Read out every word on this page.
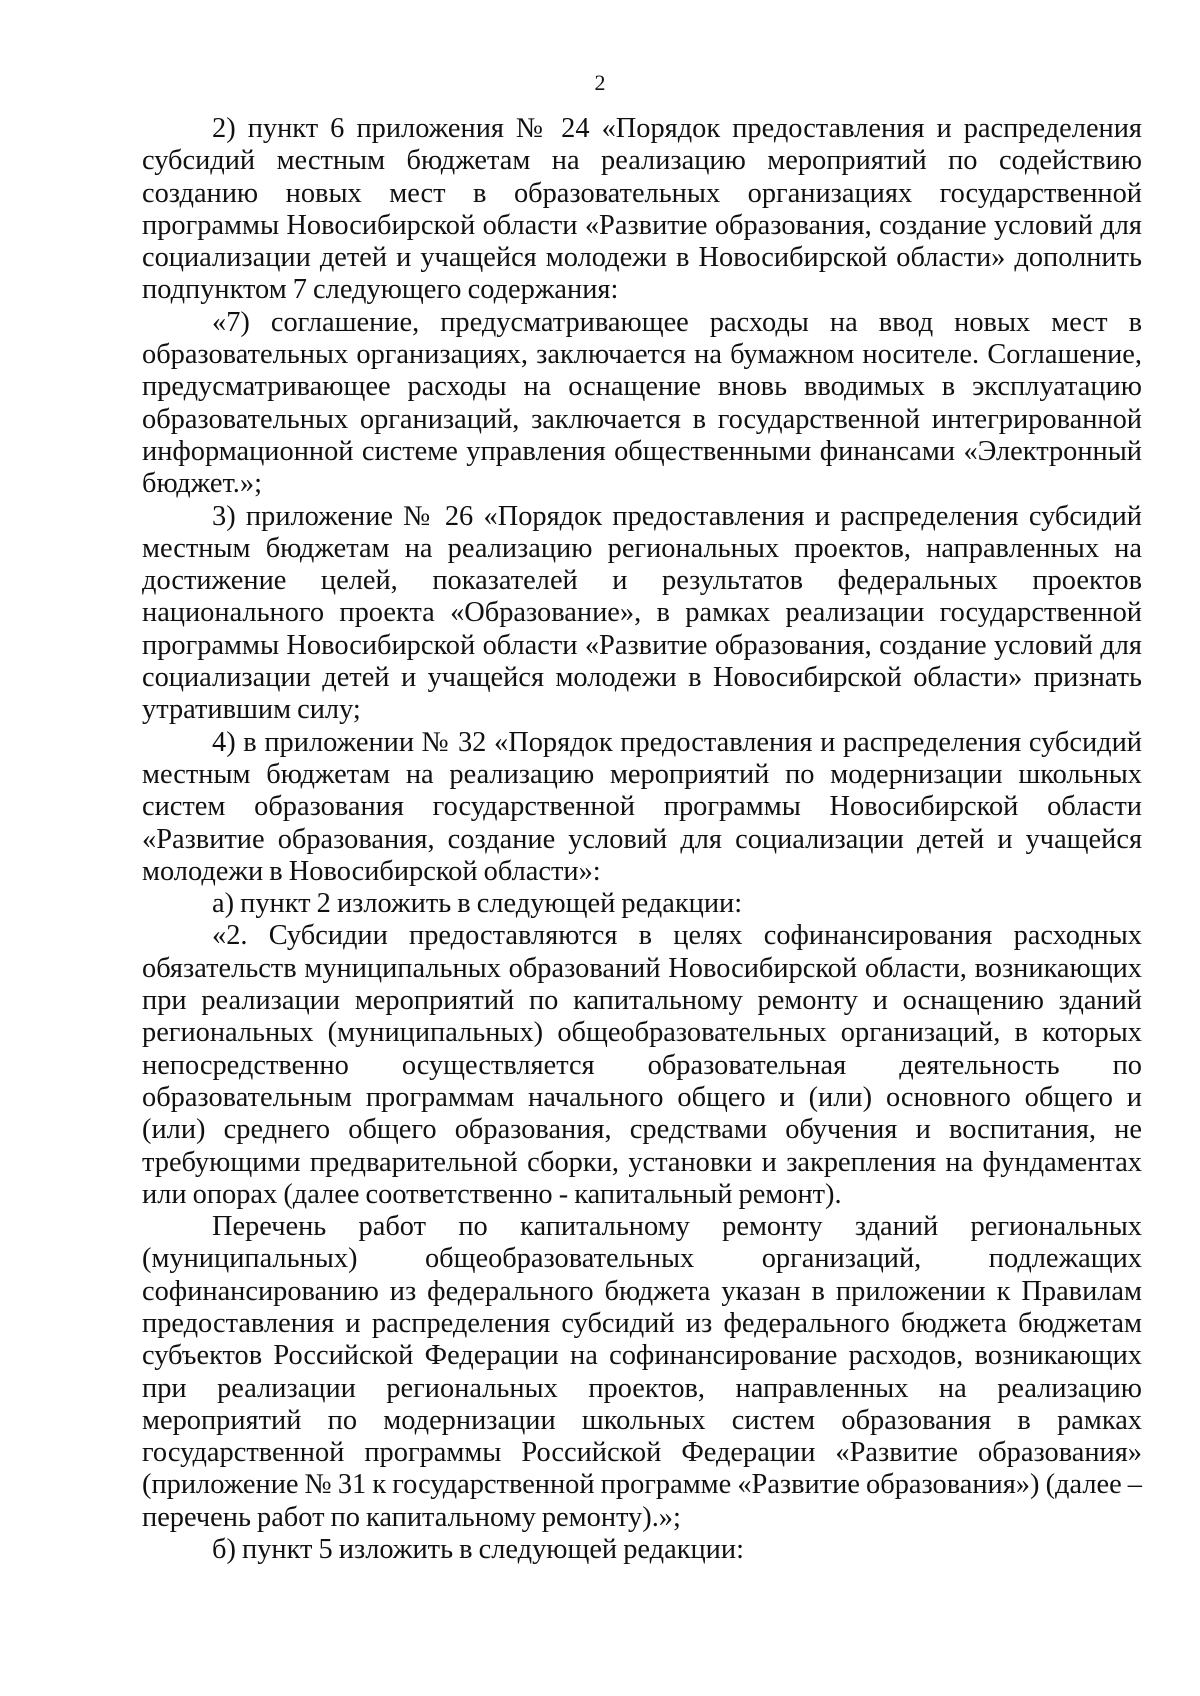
2

2) пункт 6 приложения № 24 «Порядок предоставления и распределения субсидий местным бюджетам на реализацию мероприятий по содействию созданию новых мест в образовательных организациях государственной программы Новосибирской области «Развитие образования, создание условий для социализации детей и учащейся молодежи в Новосибирской области» дополнить подпунктом 7 следующего содержания:

«7) соглашение, предусматривающее расходы на ввод новых мест в образовательных организациях, заключается на бумажном носителе. Соглашение, предусматривающее расходы на оснащение вновь вводимых в эксплуатацию образовательных организаций, заключается в государственной интегрированной информационной системе управления общественными финансами «Электронный бюджет.»;

3) приложение № 26 «Порядок предоставления и распределения субсидий местным бюджетам на реализацию региональных проектов, направленных на достижение целей, показателей и результатов федеральных проектов национального проекта «Образование», в рамках реализации государственной программы Новосибирской области «Развитие образования, создание условий для социализации детей и учащейся молодежи в Новосибирской области» признать утратившим силу;

4) в приложении № 32 «Порядок предоставления и распределения субсидий местным бюджетам на реализацию мероприятий по модернизации школьных систем образования государственной программы Новосибирской области «Развитие образования, создание условий для социализации детей и учащейся молодежи в Новосибирской области»:

а) пункт 2 изложить в следующей редакции:

«2. Субсидии предоставляются в целях софинансирования расходных обязательств муниципальных образований Новосибирской области, возникающих при реализации мероприятий по капитальному ремонту и оснащению зданий региональных (муниципальных) общеобразовательных организаций, в которых непосредственно осуществляется образовательная деятельность по образовательным программам начального общего и (или) основного общего и (или) среднего общего образования, средствами обучения и воспитания, не требующими предварительной сборки, установки и закрепления на фундаментах или опорах (далее соответственно - капитальный ремонт).

Перечень работ по капитальному ремонту зданий региональных (муниципальных) общеобразовательных организаций, подлежащих софинансированию из федерального бюджета указан в приложении к Правилам предоставления и распределения субсидий из федерального бюджета бюджетам субъектов Российской Федерации на софинансирование расходов, возникающих при реализации региональных проектов, направленных на реализацию мероприятий по модернизации школьных систем образования в рамках государственной программы Российской Федерации «Развитие образования» (приложение № 31 к государственной программе «Развитие образования») (далее – перечень работ по капитальному ремонту).»;

б) пункт 5 изложить в следующей редакции:
